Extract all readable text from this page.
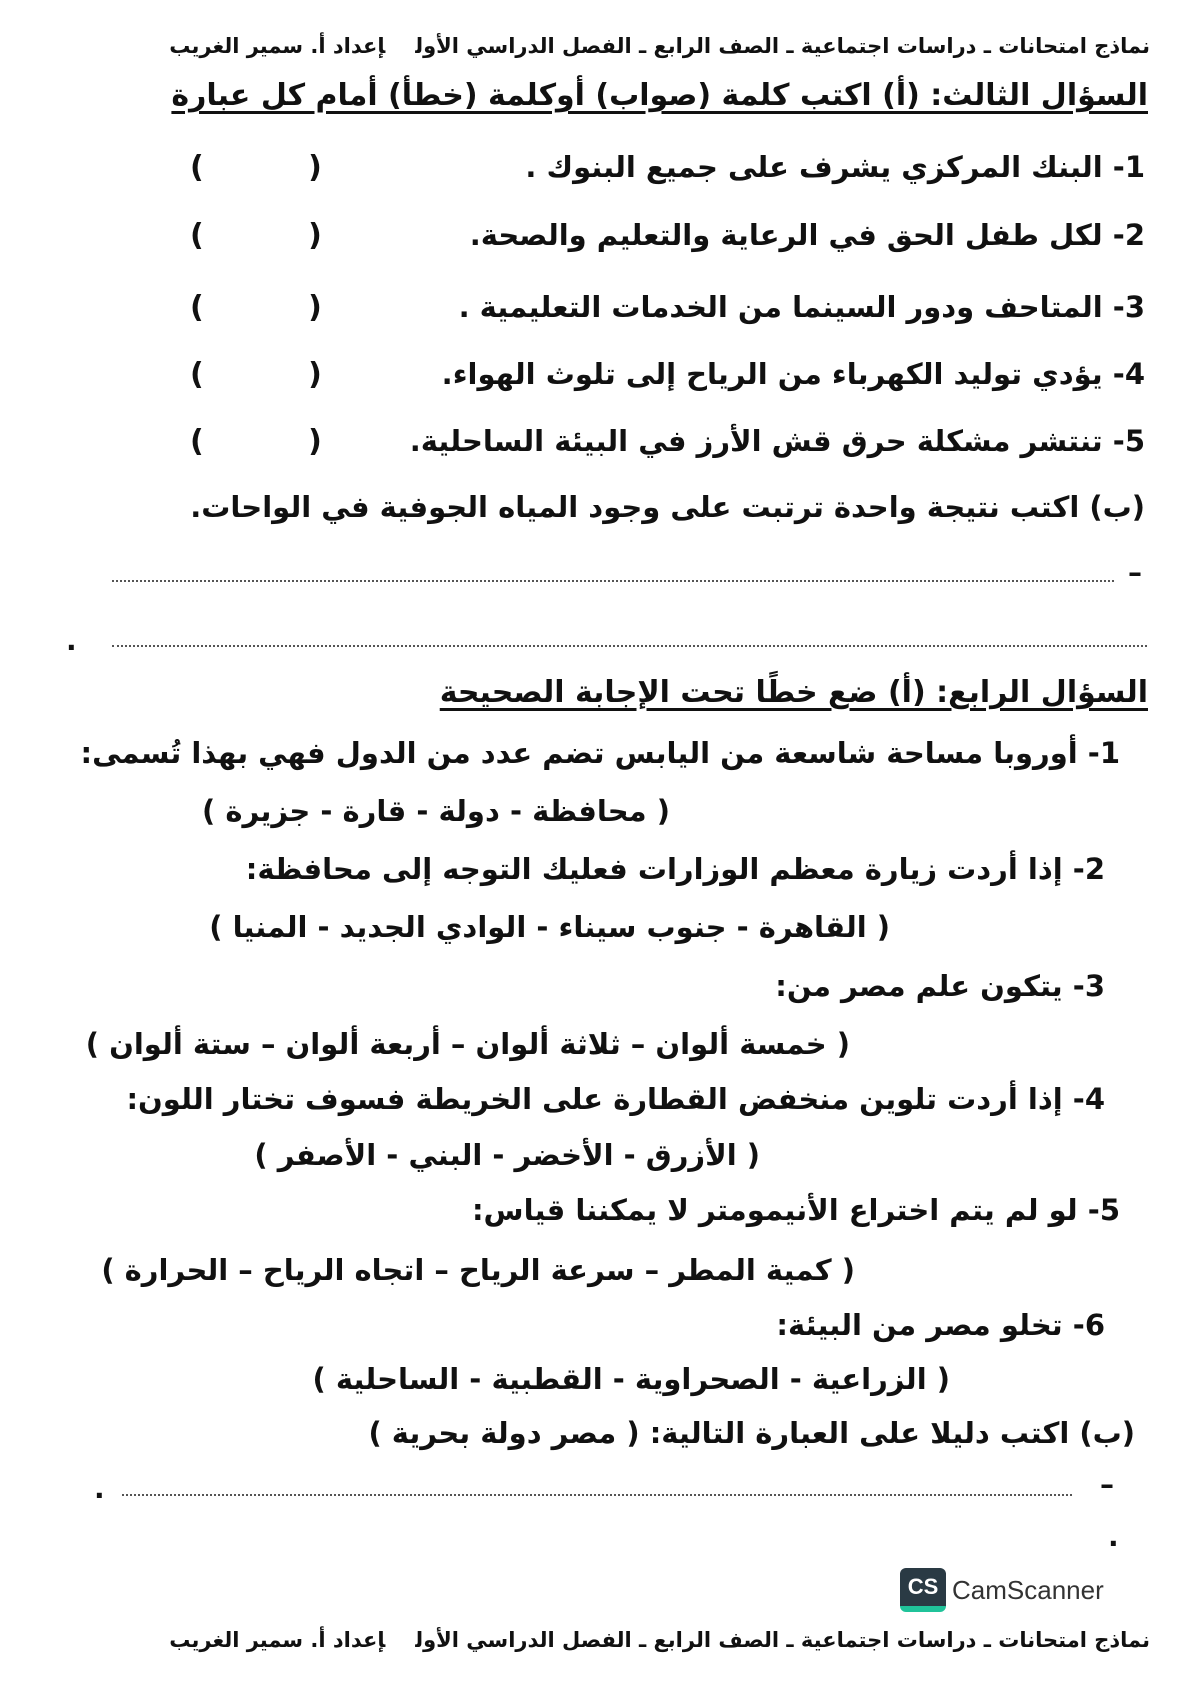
نماذج امتحانات ـ دراسات اجتماعية ـ الصف الرابع ـ الفصل الدراسي الأولإعداد أ. سمير الغريب
السؤال الثالث: (أ) اكتب كلمة (صواب) أوكلمة (خطأ) أمام كل عبارة
1- البنك المركزي يشرف على جميع البنوك .
(          )
2- لكل طفل الحق في الرعاية والتعليم والصحة.
(          )
3- المتاحف ودور السينما من الخدمات التعليمية .
(          )
4- يؤدي توليد الكهرباء من الرياح إلى تلوث الهواء.
(          )
5- تنتشر مشكلة حرق قش الأرز في البيئة الساحلية.
(          )
(ب) اكتب نتيجة واحدة ترتبت على وجود المياه الجوفية في الواحات.
–
.
السؤال الرابع: (أ) ضع خطًا تحت الإجابة الصحيحة
1- أوروبا مساحة شاسعة من اليابس تضم عدد من الدول فهي بهذا تُسمى:
( محافظة - دولة - قارة - جزيرة )
2- إذا أردت زيارة معظم الوزارات فعليك التوجه إلى محافظة:
( القاهرة - جنوب سيناء - الوادي الجديد - المنيا )
3- يتكون علم مصر من:
( خمسة ألوان – ثلاثة ألوان – أربعة ألوان – ستة ألوان )
4- إذا أردت تلوين منخفض القطارة على الخريطة فسوف تختار اللون:
( الأزرق - الأخضر - البني - الأصفر )
5- لو لم يتم اختراع الأنيمومتر لا يمكننا قياس:
( كمية المطر – سرعة الرياح – اتجاه الرياح – الحرارة )
6- تخلو مصر من البيئة:
( الزراعية - الصحراوية - القطبية - الساحلية )
(ب) اكتب دليلا على العبارة التالية: ( مصر دولة بحرية )
–
.
.
CS CamScanner
نماذج امتحانات ـ دراسات اجتماعية ـ الصف الرابع ـ الفصل الدراسي الأولإعداد أ. سمير الغريب
